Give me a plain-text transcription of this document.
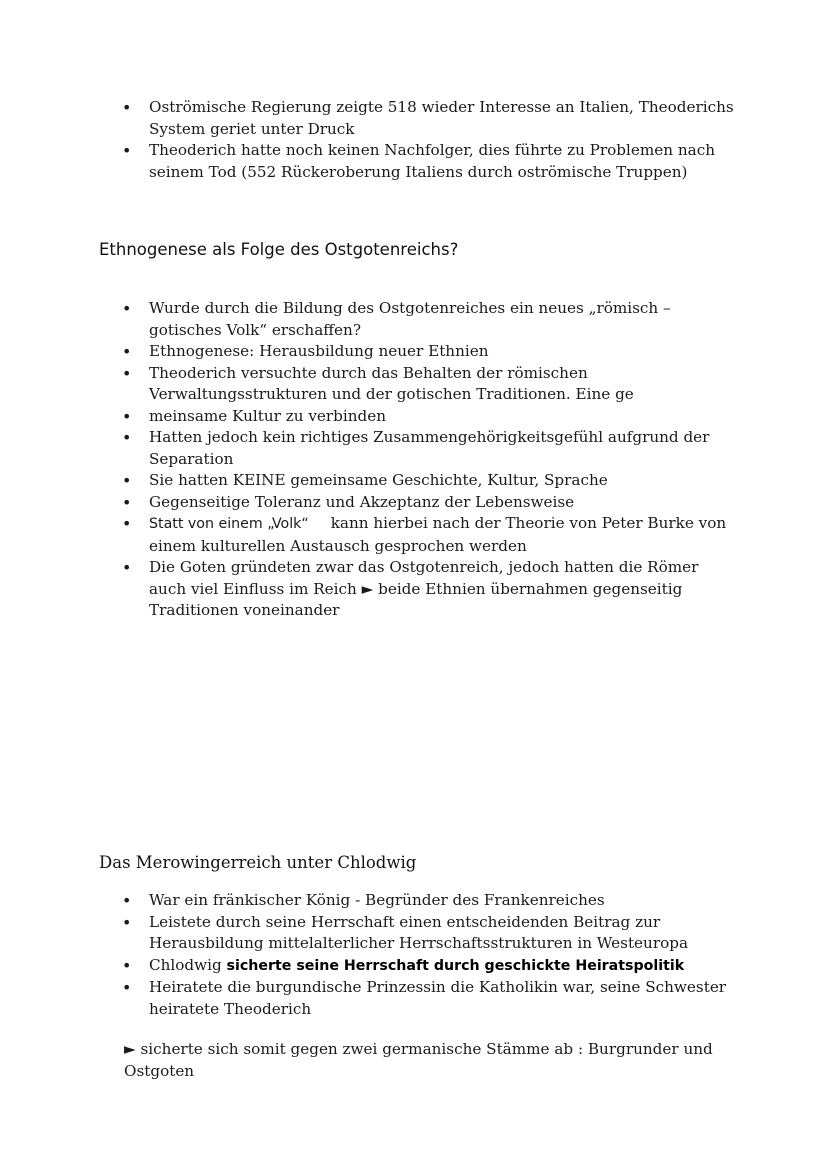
• Oströmische Regierung zeigte 518 wieder Interesse an Italien, Theoderichs System geriet unter Druck
• Theoderich hatte noch keinen Nachfolger, dies führte zu Problemen nach seinem Tod (552 Rückeroberung Italiens durch oströmische Truppen)
Ethnogenese als Folge des Ostgotenreichs?
• Wurde durch die Bildung des Ostgotenreiches ein neues „römisch – gotisches Volk“ erschaffen?
• Ethnogenese: Herausbildung neuer Ethnien
• Theoderich versuchte durch das Behalten der römischen Verwaltungsstrukturen und der gotischen Traditionen. Eine ge
• meinsame Kultur zu verbinden
• Hatten jedoch kein richtiges Zusammengehörigkeitsgefühl aufgrund der Separation
• Sie hatten KEINE gemeinsame Geschichte, Kultur, Sprache
• Gegenseitige Toleranz und Akzeptanz der Lebensweise
• Statt von einem „Volk“ kann hierbei nach der Theorie von Peter Burke von einem kulturellen Austausch gesprochen werden
• Die Goten gründeten zwar das Ostgotenreich, jedoch hatten die Römer auch viel Einfluss im Reich ► beide Ethnien übernahmen gegenseitig Traditionen voneinander
Das Merowingerreich unter Chlodwig
• War ein fränkischer König - Begründer des Frankenreiches
• Leistete durch seine Herrschaft einen entscheidenden Beitrag zur Herausbildung mittelalterlicher Herrschaftsstrukturen in Westeuropa
• Chlodwig sicherte seine Herrschaft durch geschickte Heiratspolitik
• Heiratete die burgundische Prinzessin die Katholikin war, seine Schwester heiratete Theoderich
► sicherte sich somit gegen zwei germanische Stämme ab : Burgrunder und Ostgoten
